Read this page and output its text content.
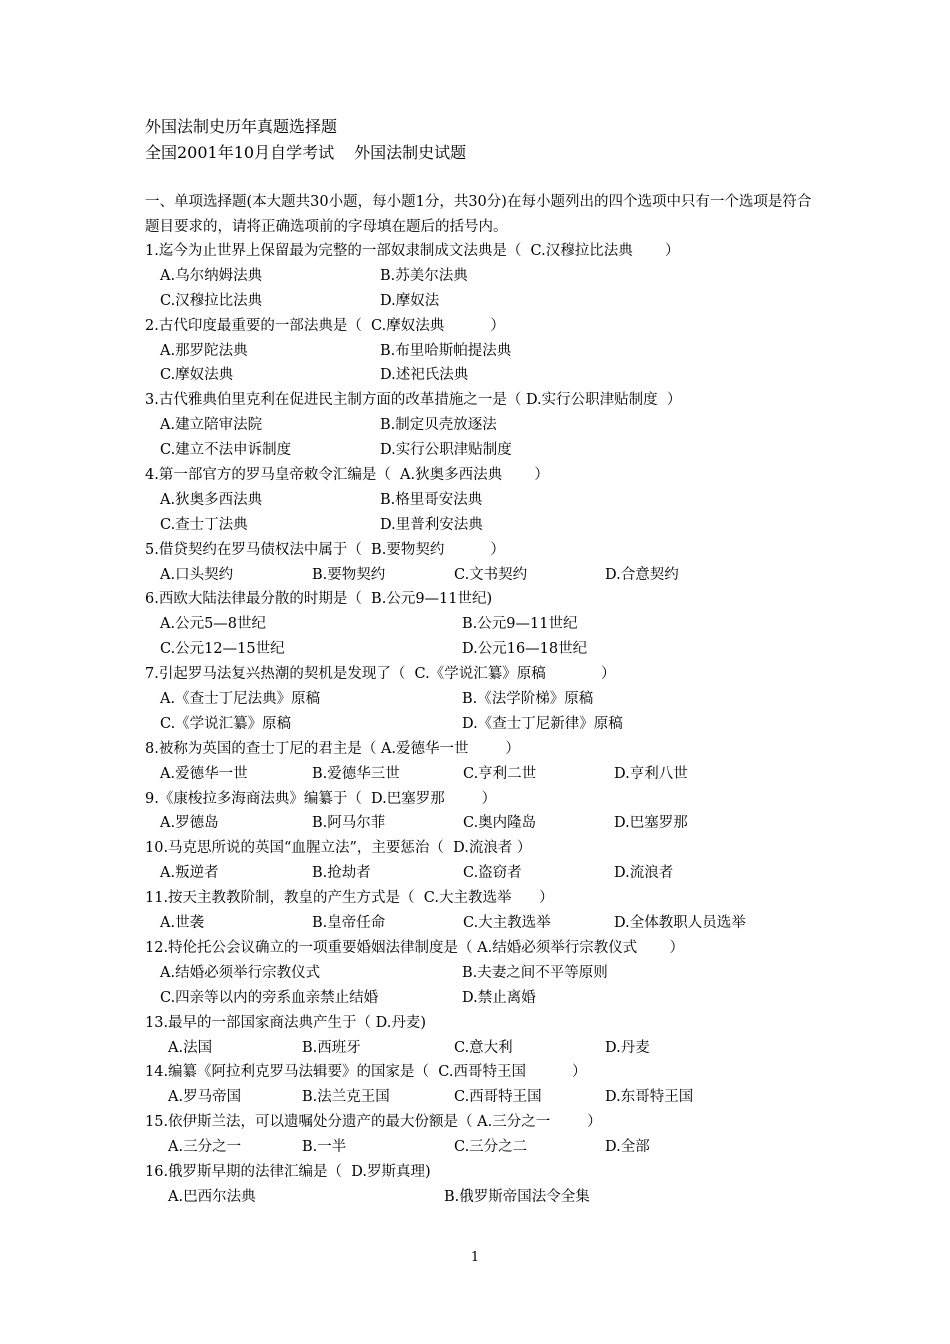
外国法制史历年真题选择题
全国2001年10月自学考试 外国法制史试题

一、单项选择题(本大题共30小题，每小题1分，共30分)在每小题列出的四个选项中只有一个选项是符合题目要求的，请将正确选项前的字母填在题后的括号内。

1.迄今为止世界上保留最为完整的一部奴隶制成文法典是（  C.汉穆拉比法典       ）
A.乌尔纳姆法典	B.苏美尔法典
C.汉穆拉比法典	D.摩奴法
2.古代印度最重要的一部法典是（  C.摩奴法典          ）
A.那罗陀法典	B.布里哈斯帕提法典
C.摩奴法典	D.述祀氏法典
3.古代雅典伯里克利在促进民主制方面的改革措施之一是（ D.实行公职津贴制度  ）
A.建立陪审法院	B.制定贝壳放逐法
C.建立不法申诉制度	D.实行公职津贴制度
4.第一部官方的罗马皇帝敕令汇编是（  A.狄奥多西法典       ）
A.狄奥多西法典	B.格里哥安法典
C.查士丁法典	D.里普利安法典
5.借贷契约在罗马债权法中属于（  B.要物契约          ）
A.口头契约	B.要物契约	C.文书契约	D.合意契约
6.西欧大陆法律最分散的时期是（  B.公元9—11世纪)
A.公元5—8世纪	B.公元9—11世纪
C.公元12—15世纪	D.公元16—18世纪
7.引起罗马法复兴热潮的契机是发现了（  C.《学说汇纂》原稿            ）
A.《查士丁尼法典》原稿	B.《法学阶梯》原稿
C.《学说汇纂》原稿	D.《查士丁尼新律》原稿
8.被称为英国的查士丁尼的君主是（ A.爱德华一世        ）
A.爱德华一世	B.爱德华三世	C.亨利二世	D.亨利八世
9.《康梭拉多海商法典》编纂于（  D.巴塞罗那        ）
A.罗德岛	B.阿马尔菲	C.奥内隆岛	D.巴塞罗那
10.马克思所说的英国“血腥立法”，主要惩治（  D.流浪者 ）
A.叛逆者	B.抢劫者	C.盗窃者	D.流浪者
11.按天主教教阶制，教皇的产生方式是（  C.大主教选举      ）
A.世袭	B.皇帝任命	C.大主教选举	D.全体教职人员选举
12.特伦托公会议确立的一项重要婚姻法律制度是（ A.结婚必须举行宗教仪式       ）
A.结婚必须举行宗教仪式	B.夫妻之间不平等原则
C.四亲等以内的旁系血亲禁止结婚	D.禁止离婚
13.最早的一部国家商法典产生于（ D.丹麦)
A.法国	B.西班牙	C.意大利	D.丹麦
14.编纂《阿拉利克罗马法辑要》的国家是（  C.西哥特王国          ）
A.罗马帝国	B.法兰克王国	C.西哥特王国	D.东哥特王国
15.依伊斯兰法，可以遗嘱处分遗产的最大份额是（ A.三分之一        ）
A.三分之一	B.一半	C.三分之二	D.全部
16.俄罗斯早期的法律汇编是（  D.罗斯真理)
A.巴西尔法典	B.俄罗斯帝国法令全集
1
